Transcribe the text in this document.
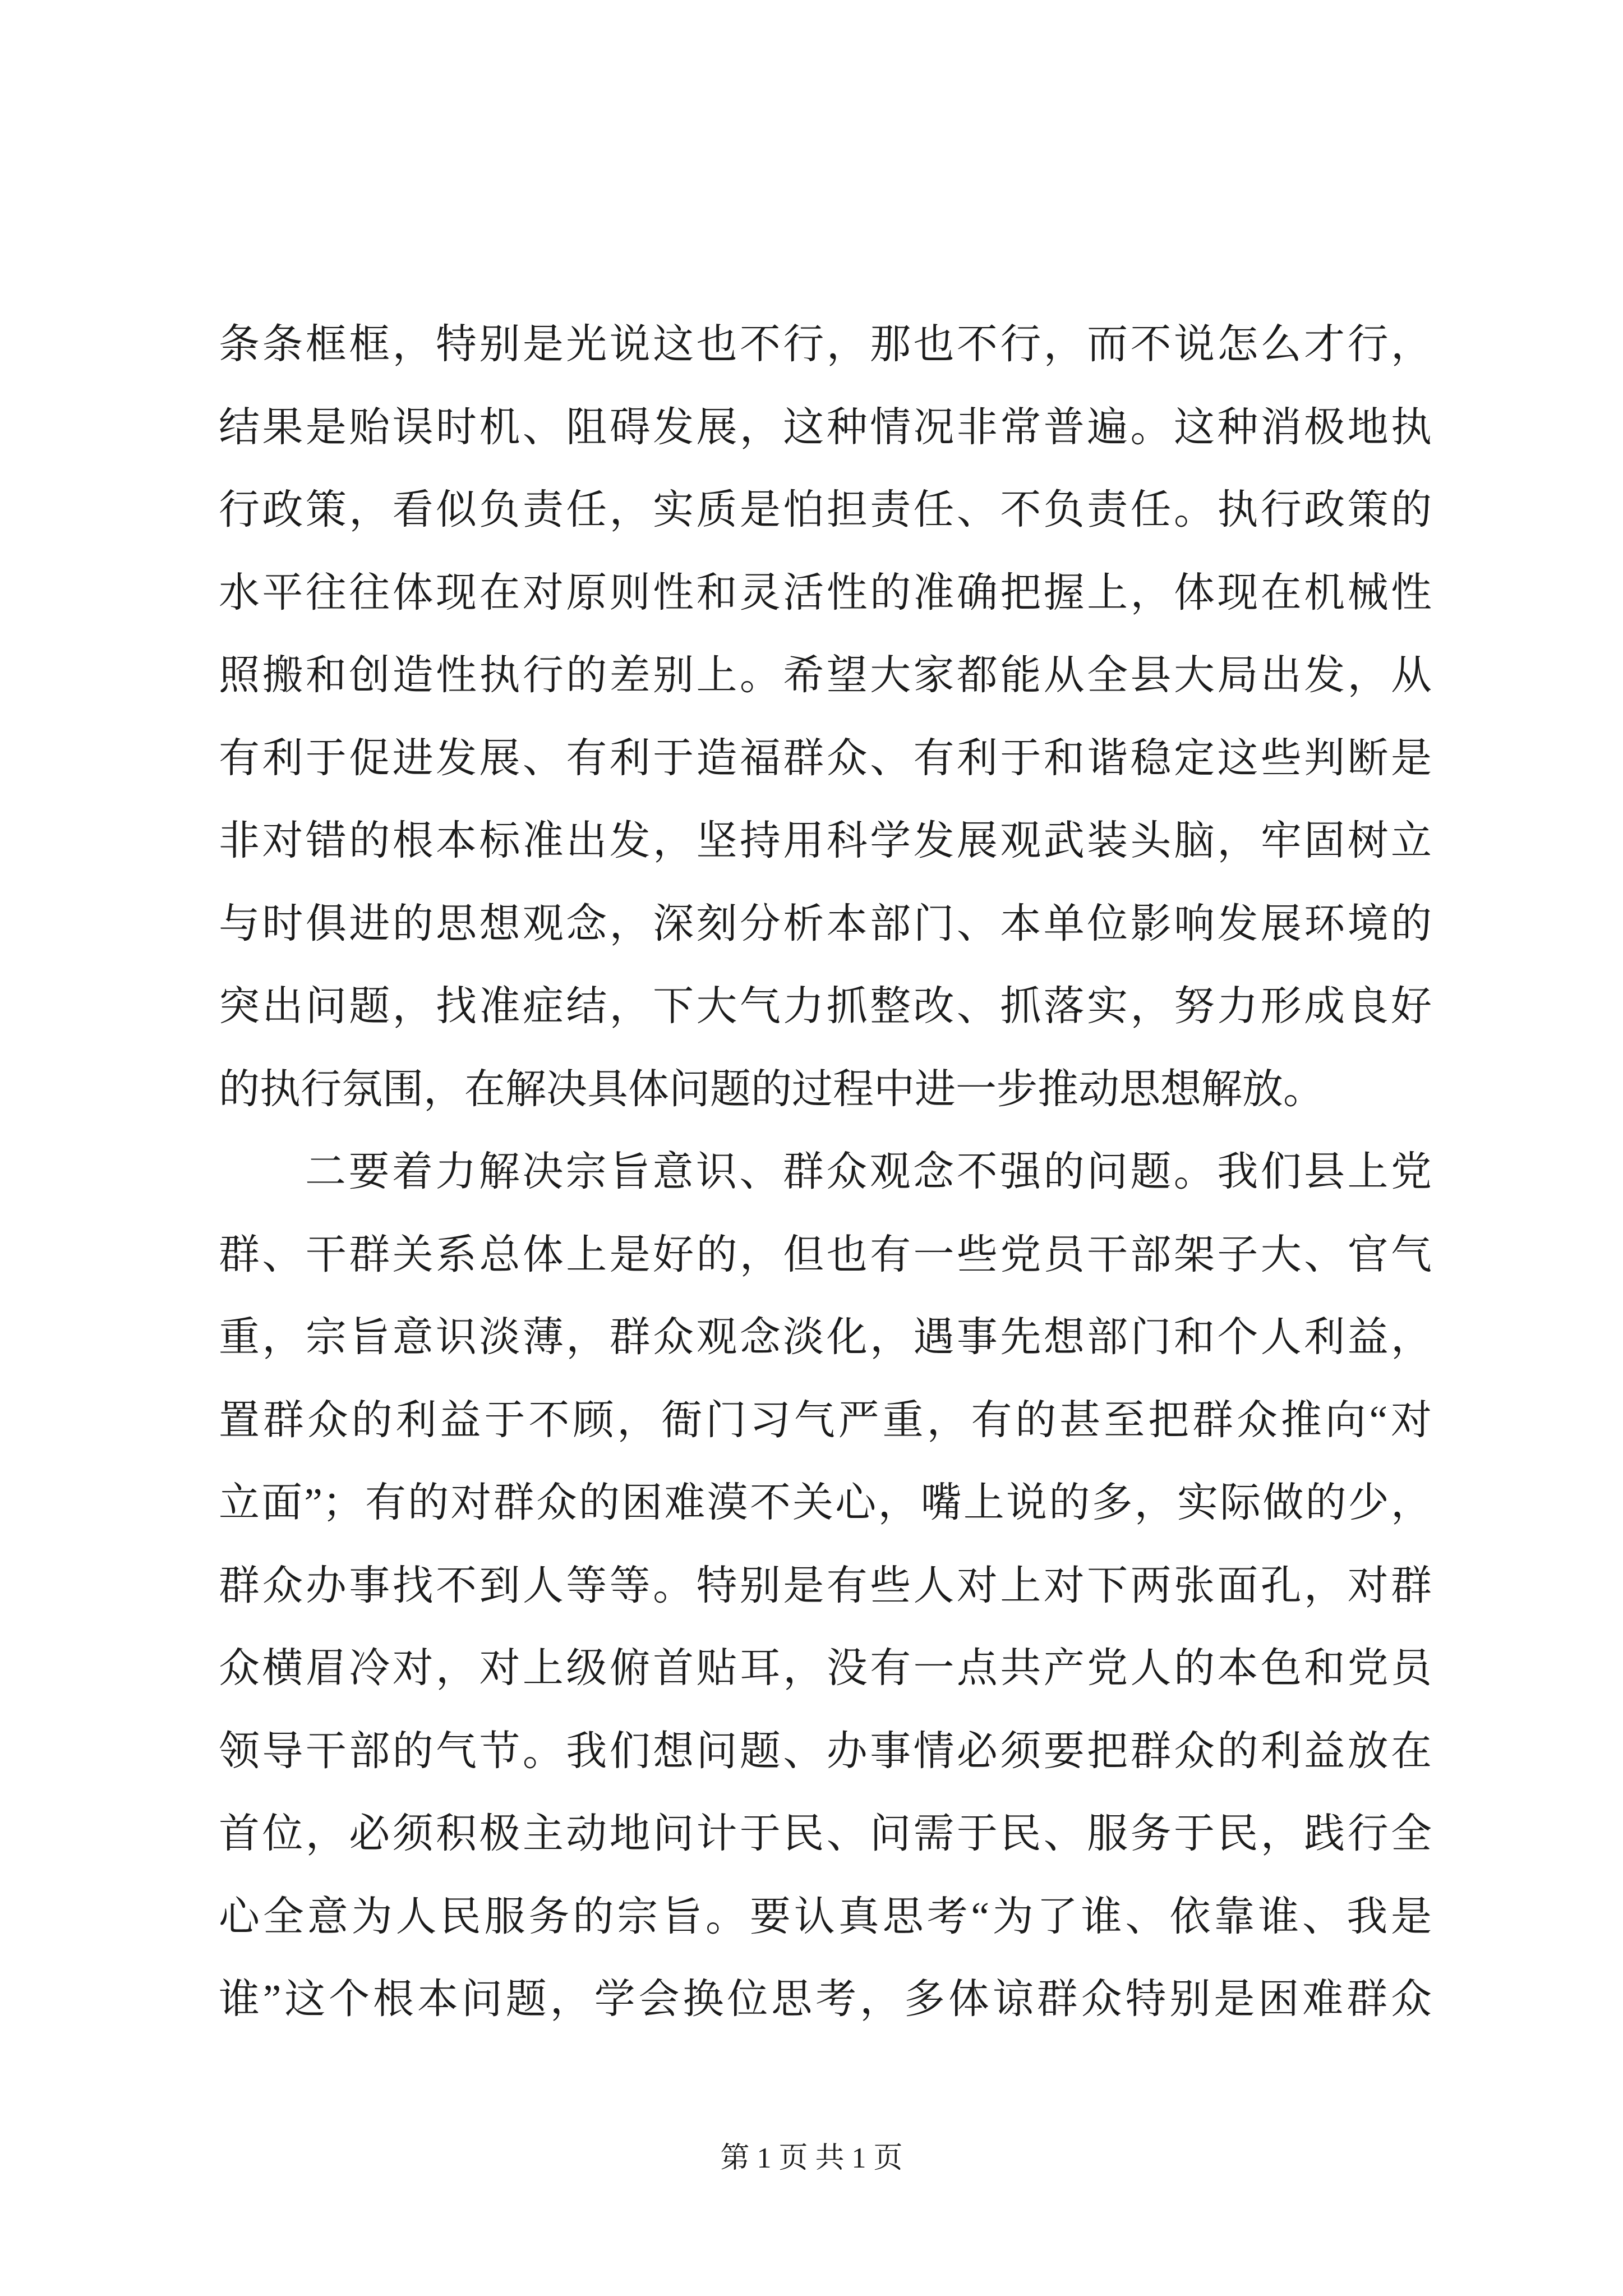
条条框框，特别是光说这也不行，那也不行，而不说怎么才行，
结果是贻误时机、阻碍发展，这种情况非常普遍。这种消极地执
行政策，看似负责任，实质是怕担责任、不负责任。执行政策的
水平往往体现在对原则性和灵活性的准确把握上，体现在机械性
照搬和创造性执行的差别上。希望大家都能从全县大局出发，从
有利于促进发展、有利于造福群众、有利于和谐稳定这些判断是
非对错的根本标准出发，坚持用科学发展观武装头脑，牢固树立
与时俱进的思想观念，深刻分析本部门、本单位影响发展环境的
突出问题，找准症结，下大气力抓整改、抓落实，努力形成良好
的执行氛围，在解决具体问题的过程中进一步推动思想解放。
二要着力解决宗旨意识、群众观念不强的问题。我们县上党
群、干群关系总体上是好的，但也有一些党员干部架子大、官气
重，宗旨意识淡薄，群众观念淡化，遇事先想部门和个人利益，
置群众的利益于不顾，衙门习气严重，有的甚至把群众推向“对
立面”；有的对群众的困难漠不关心，嘴上说的多，实际做的少，
群众办事找不到人等等。特别是有些人对上对下两张面孔，对群
众横眉冷对，对上级俯首贴耳，没有一点共产党人的本色和党员
领导干部的气节。我们想问题、办事情必须要把群众的利益放在
首位，必须积极主动地问计于民、问需于民、服务于民，践行全
心全意为人民服务的宗旨。要认真思考“为了谁、依靠谁、我是
谁”这个根本问题，学会换位思考，多体谅群众特别是困难群众
第 1 页 共 1 页
